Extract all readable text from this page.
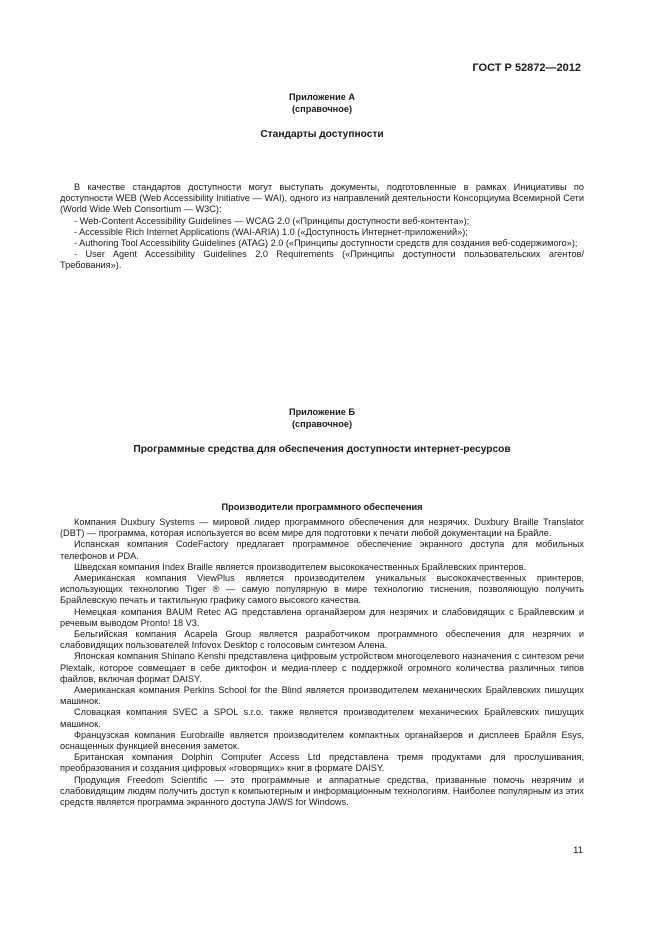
ГОСТ Р 52872—2012
Приложение А
(справочное)
Стандарты доступности

В качестве стандартов доступности могут выступать документы, подготовленные в рамках Инициативы по доступности WEB (Web Accessibility Initiative — WAI), одного из направлений деятельности Консорциума Всемирной Сети (World Wide Web Consortium — W3C):

- Web-Content Accessibility Guidelines — WCAG 2.0 («Принципы доступности веб-контента»);

- Accessible Rich Internet Applications (WAI-ARIA) 1.0 («Доступность Интернет-приложений»);

- Authoring Tool Accessibility Guidelines (ATAG) 2.0 («Принципы доступности средств для создания веб-содержимого»);

- User Agent Accessibility Guidelines 2.0 Requirements («Принципы доступности пользовательских агентов/Требования»).

Приложение Б
(справочное)
Программные средства для обеспечения доступности интернет-ресурсов
Производители программного обеспечения

Компания Duxbury Systems — мировой лидер программного обеспечения для незрячих. Duxbury Braille Translator (DBT) — программа, которая используется во всем мире для подготовки к печати любой документации на Брайле.

Испанская компания CodeFactory предлагает программное обеспечение экранного доступа для мобильных телефонов и PDA.

Шведская компания Index Braille является производителем высококачественных Брайлевских принтеров.

Американская компания ViewPlus является производителем уникальных высококачественных принтеров, использующих технологию Tiger ® — самую популярную в мире технологию тиснения, позволяющую получить Брайлевскую печать и тактильную графику самого высокого качества.

Немецкая компания BAUM Retec AG представлена органайзером для незрячих и слабовидящих с Брайлевским и речевым выводом Pronto! 18 V3.

Бельгийская компания Acapela Group является разработчиком программного обеспечения для незрячих и слабовидящих пользователей Infovox Desktop с голосовым синтезом Алена.

Японская компания Shinano Kenshi представлена цифровым устройством многоцелевого назначения с синтезом речи Plextalk, которое совмещает в себе диктофон и медиа-плеер с поддержкой огромного количества различных типов файлов, включая формат DAISY.

Американская компания Perkins School for the Blind является производителем механических Брайлевских пишущих машинок.

Словацкая компания SVEC a SPOL s.r.o. также является производителем механических Брайлевских пишущих машинок.

Французская компания Eurobraille является производителем компактных органайзеров и дисплеев Брайля Esys, оснащенных функцией внесения заметок.

Британская компания Dolphin Computer Access Ltd представлена тремя продуктами для прослушивания, преобразования и создания цифровых «говорящих» книг в формате DAISY.

Продукция Freedom Scientific — это программные и аппаратные средства, призванные помочь незрячим и слабовидящим людям получить доступ к компьютерным и информационным технологиям. Наиболее популярным из этих средств является программа экранного доступа JAWS for Windows.

11
